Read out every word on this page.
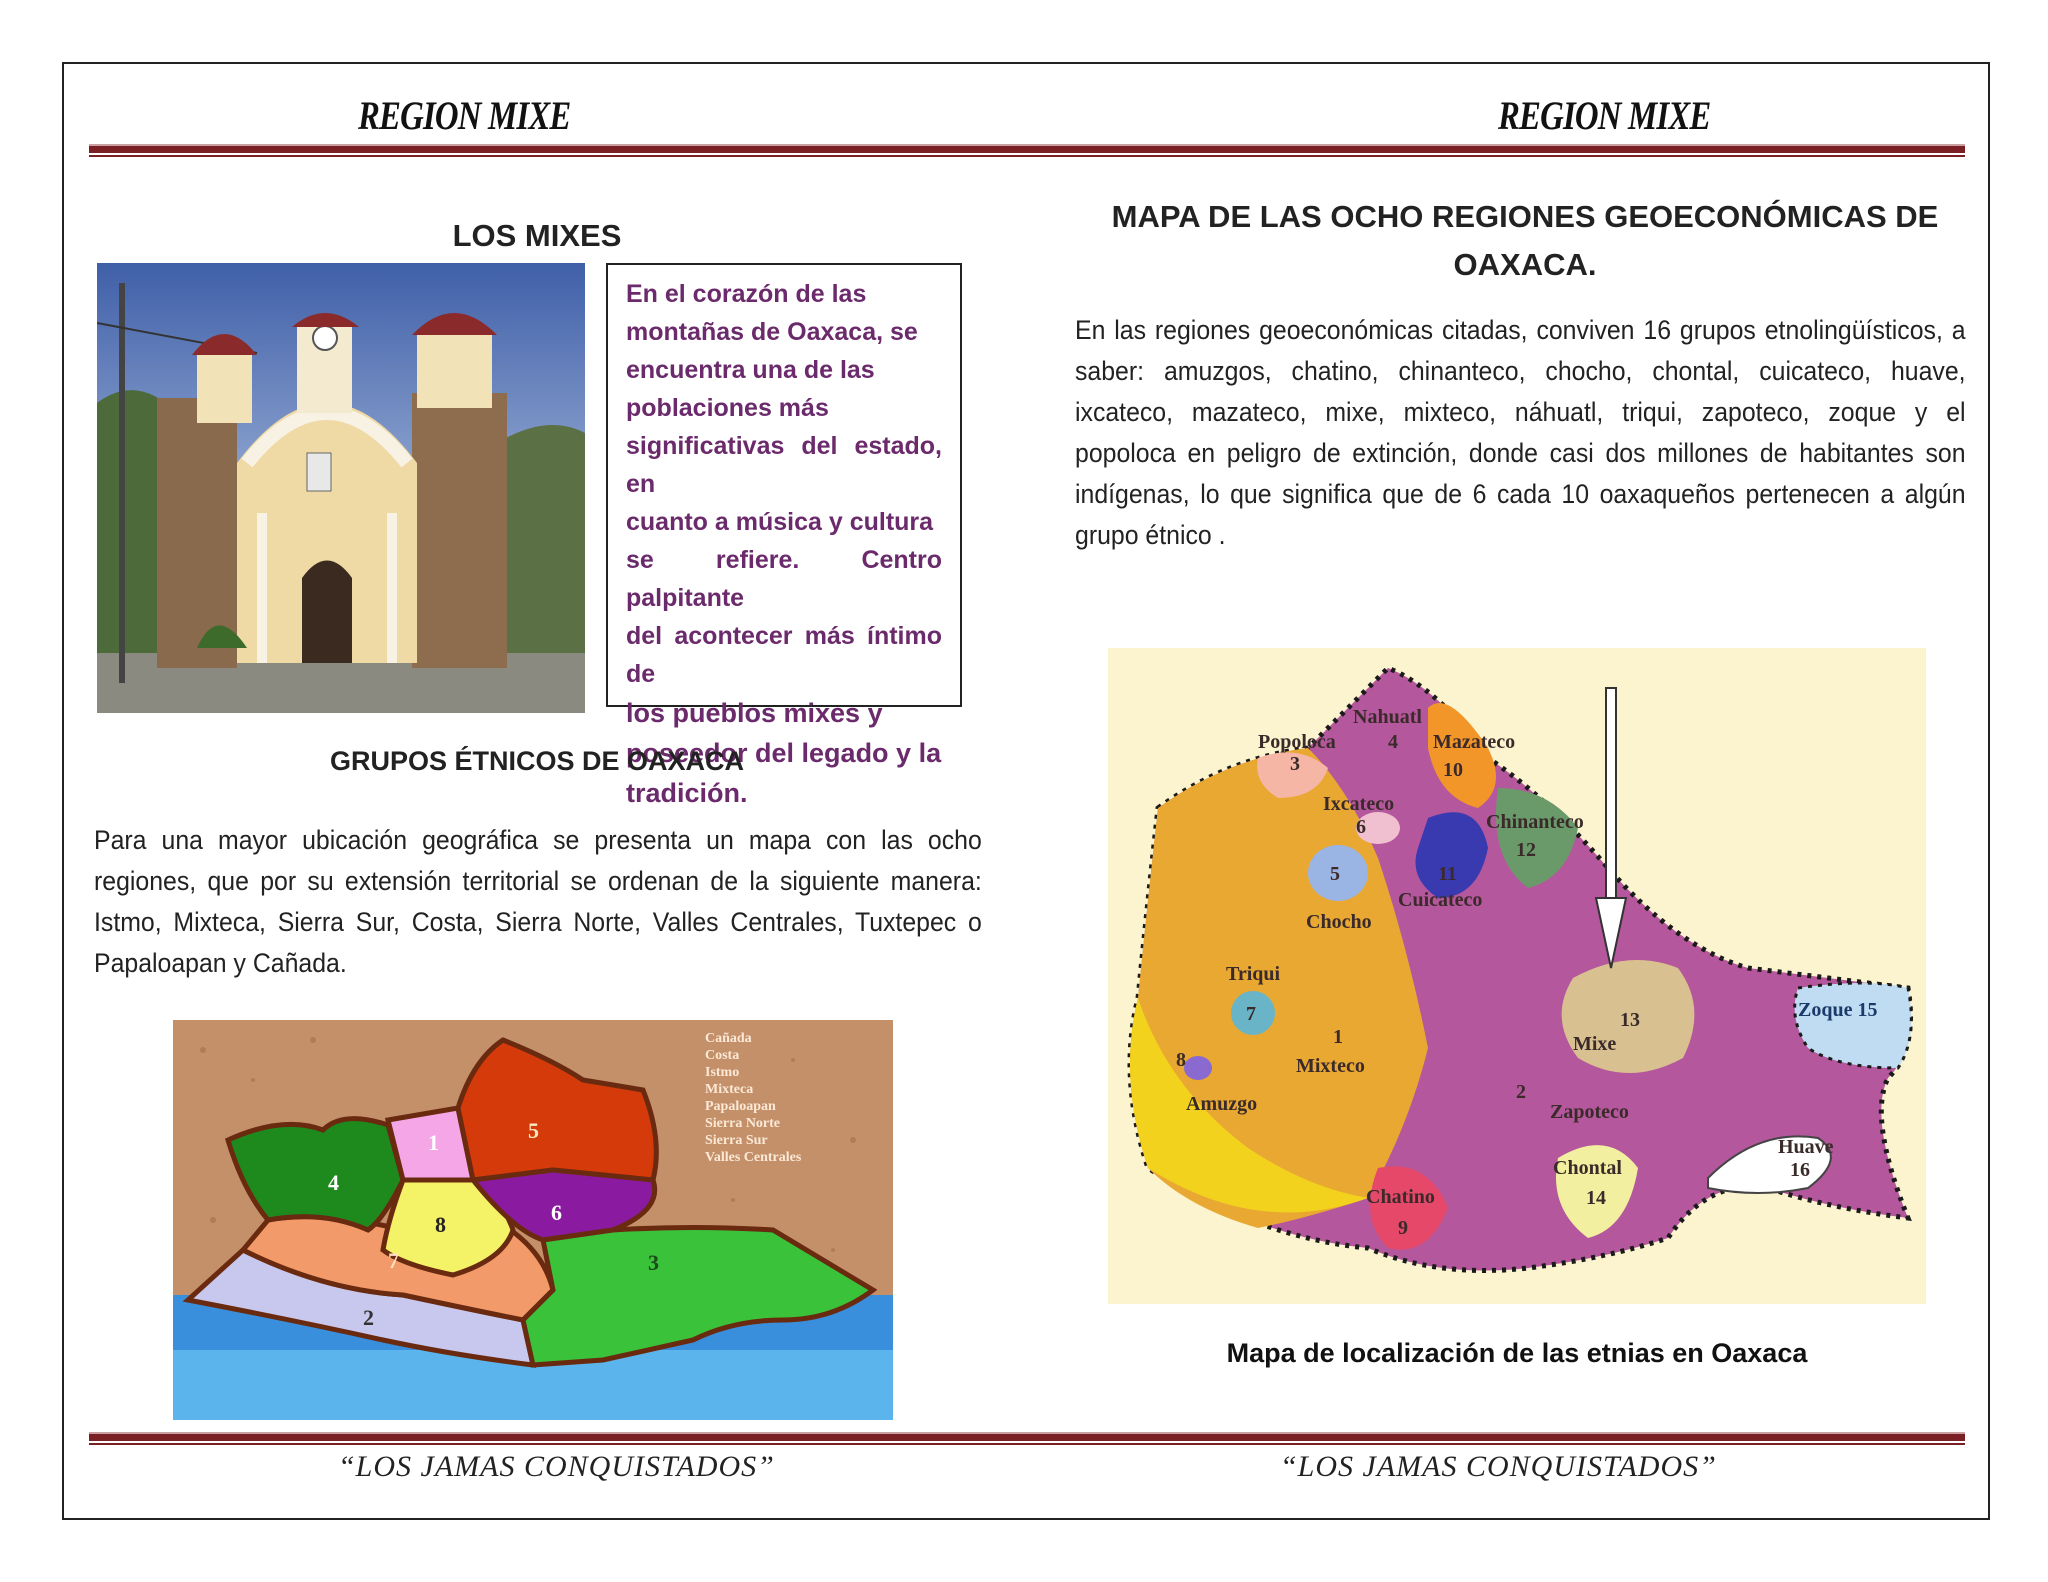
REGION MIXE	REGION MIXE
LOS MIXES
En el corazón de las
montañas de Oaxaca, se
encuentra una de las
poblaciones más
significativas del estado, en
cuanto a música y cultura
se refiere. Centro palpitante
del acontecer más íntimo de
los pueblos mixes y
poseedor del legado y la
tradición.
GRUPOS ÉTNICOS DE OAXACA
Para una mayor ubicación geográfica se presenta un mapa con las ocho regiones, que por su extensión territorial se ordenan de la siguiente manera: Istmo, Mixteca, Sierra Sur, Costa, Sierra Norte, Valles Centrales, Tuxtepec o Papaloapan y Cañada.
4
1	5
8	6
7
2
3
Cañada
Costa
Istmo
Mixteca
Papaloapan
Sierra Norte
Sierra Sur
Valles Centrales
MAPA DE LAS OCHO REGIONES GEOECONÓMICAS DE
OAXACA.
En las regiones geoeconómicas citadas, conviven 16 grupos etnolingüísticos, a saber: amuzgos, chatino, chinanteco, chocho, chontal, cuicateco, huave, ixcateco, mazateco, mixe, mixteco, náhuatl, triqui, zapoteco, zoque y el popoloca en peligro de extinción, donde casi dos millones de habitantes son indígenas, lo que significa que de 6 cada 10 oaxaqueños pertenecen a algún grupo étnico .
Nahuatl
4
Popoloca
3
Mazateco
10
Ixcateco
6	Chinanteco
12
5
Chocho
11
Cuicateco
Triqui
7
1
Mixteco
8
Amuzgo
13
Mixe
2
Zapoteco
Zoque 15
Chontal
14
Chatino
9
Huave
16
Mapa de localización de las etnias en Oaxaca
“LOS JAMAS CONQUISTADOS”	“LOS JAMAS CONQUISTADOS”
